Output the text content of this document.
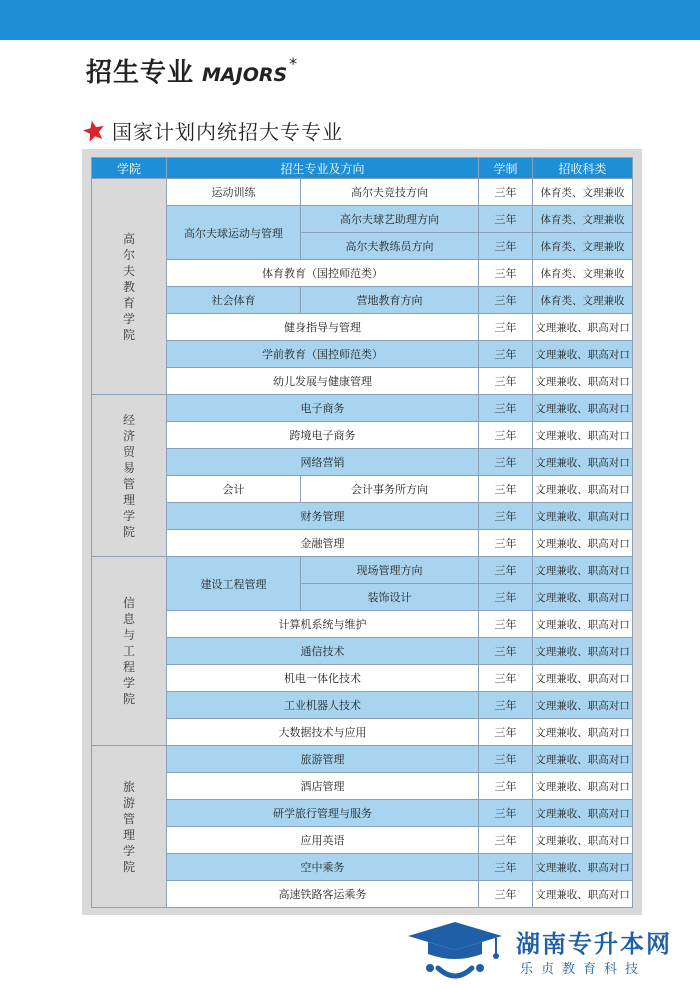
招生专业 MAJORS
*
国家计划内统招大专专业
学院	招生专业及方向		学制	招收科类
高尔夫教育学院	运动训练	高尔夫竞技方向	三年	体育类、文理兼收
	高尔夫球运动与管理	高尔夫球艺助理方向	三年	体育类、文理兼收
		高尔夫教练员方向	三年	体育类、文理兼收
	体育教育（国控师范类）		三年	体育类、文理兼收
	社会体育	营地教育方向	三年	体育类、文理兼收
	健身指导与管理		三年	文理兼收、职高对口
	学前教育（国控师范类）		三年	文理兼收、职高对口
	幼儿发展与健康管理		三年	文理兼收、职高对口
经济贸易管理学院	电子商务		三年	文理兼收、职高对口
	跨境电子商务		三年	文理兼收、职高对口
	网络营销		三年	文理兼收、职高对口
	会计	会计事务所方向	三年	文理兼收、职高对口
	财务管理		三年	文理兼收、职高对口
	金融管理		三年	文理兼收、职高对口
信息与工程学院	建设工程管理	现场管理方向	三年	文理兼收、职高对口
		装饰设计	三年	文理兼收、职高对口
	计算机系统与维护		三年	文理兼收、职高对口
	通信技术		三年	文理兼收、职高对口
	机电一体化技术		三年	文理兼收、职高对口
	工业机器人技术		三年	文理兼收、职高对口
	大数据技术与应用		三年	文理兼收、职高对口
旅游管理学院	旅游管理		三年	文理兼收、职高对口
	酒店管理		三年	文理兼收、职高对口
	研学旅行管理与服务		三年	文理兼收、职高对口
	应用英语		三年	文理兼收、职高对口
	空中乘务		三年	文理兼收、职高对口
	高速铁路客运乘务		三年	文理兼收、职高对口
湖南专升本网
乐贞教育科技
